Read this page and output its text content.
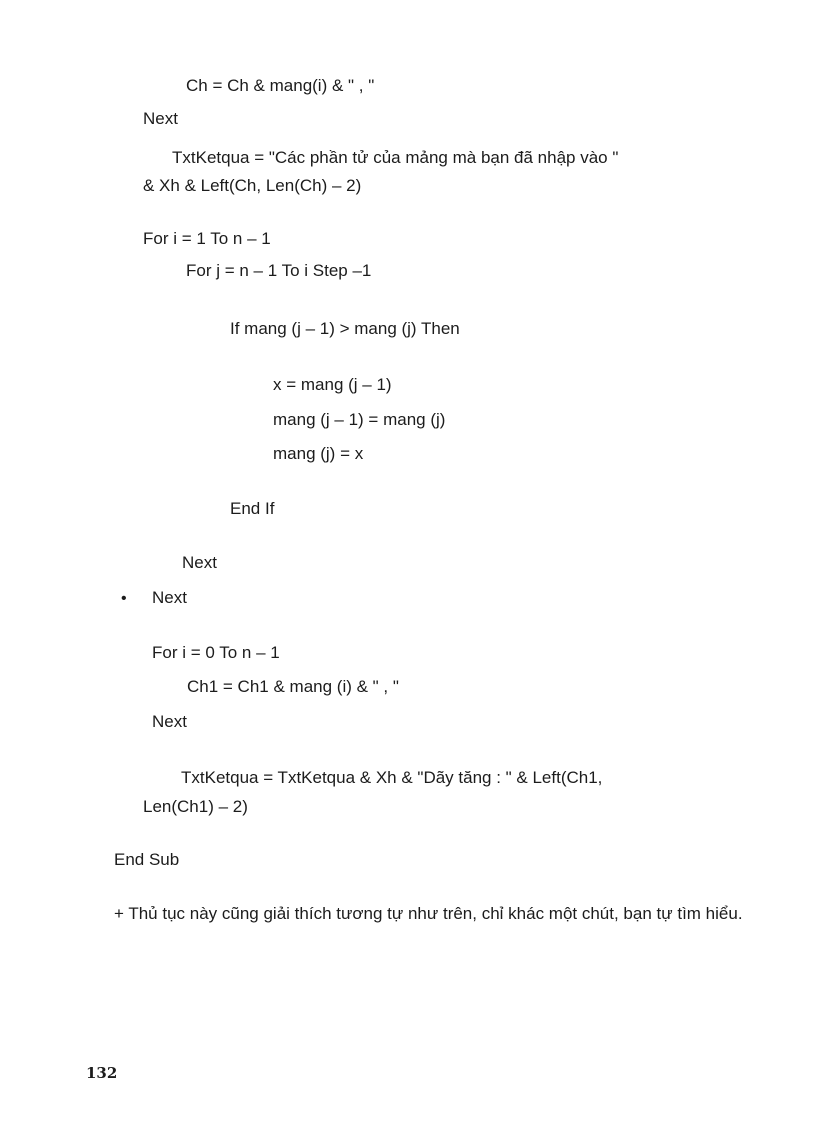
Ch = Ch & mang(i) & " , "
Next
TxtKetqua = "Các phần tử của mảng mà bạn đã nhập vào "
& Xh & Left(Ch, Len(Ch) – 2)
For i = 1 To n – 1
For j = n – 1 To i Step –1
If mang (j – 1) > mang (j) Then
x = mang (j – 1)
mang (j – 1) = mang (j)
mang (j) = x
End If
Next
• Next
For i = 0 To n – 1
Ch1 = Ch1 & mang (i) & " , "
Next
TxtKetqua = TxtKetqua & Xh & "Dãy tăng : " & Left(Ch1,
Len(Ch1) – 2)
End Sub
+ Thủ tục này cũng giải thích tương tự như trên, chỉ khác một chút, bạn tự tìm hiểu.
132
